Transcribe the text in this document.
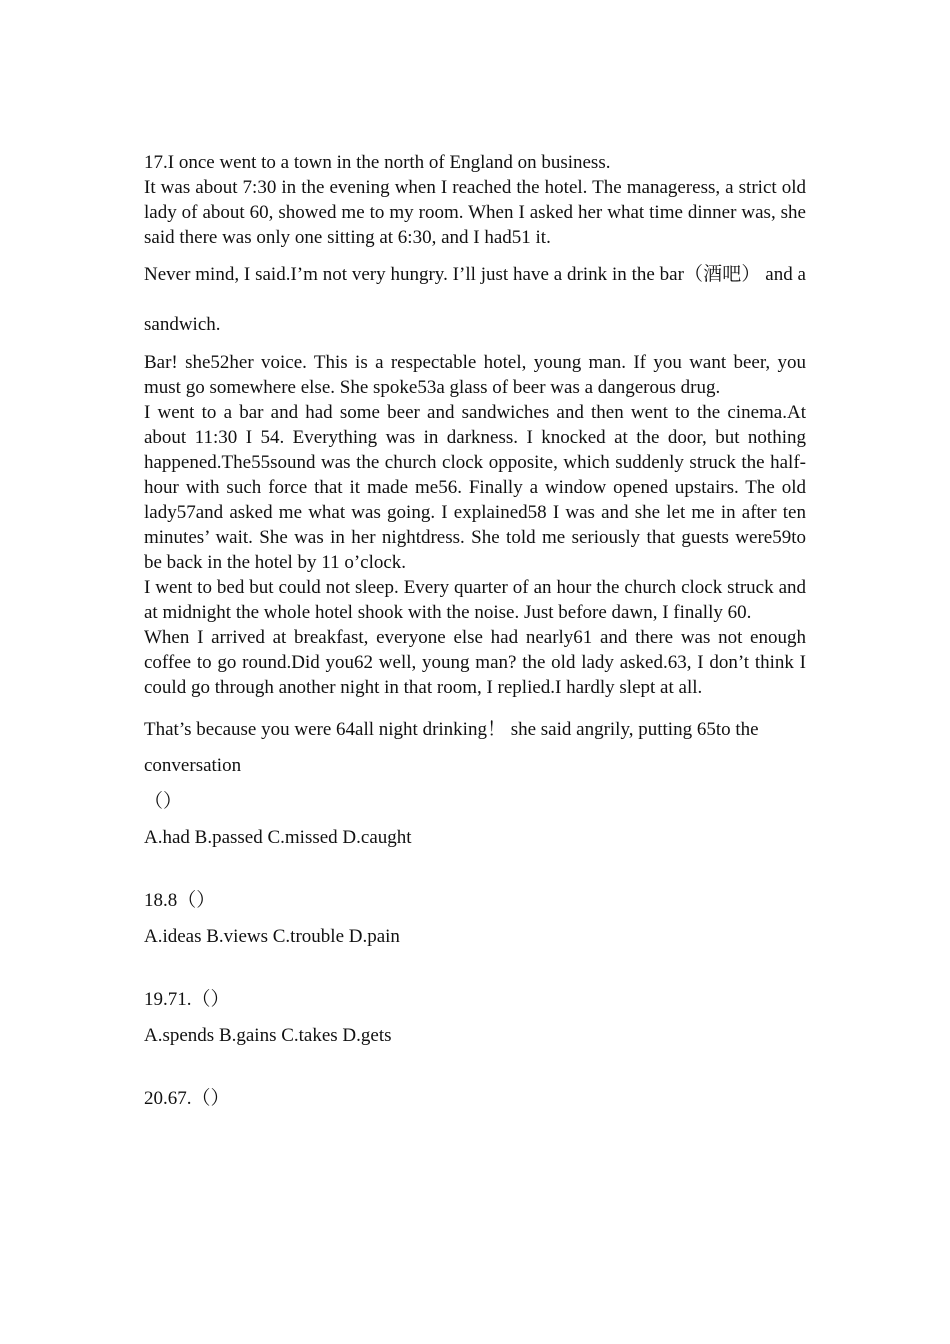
17.I once went to a town in the north of England on business.

It was about 7:30 in the evening when I reached the hotel. The manageress, a strict old lady of about 60, showed me to my room. When I asked her what time dinner was, she said there was only one sitting at 6:30, and I had51 it.

Never mind, I said.I’m not very hungry. I’ll just have a drink in the bar（酒吧） and a sandwich.

Bar! she52her voice. This is a respectable hotel, young man. If you want beer, you must go somewhere else. She spoke53a glass of beer was a dangerous drug.

I went to a bar and had some beer and sandwiches and then went to the cinema.At about 11:30 I 54. Everything was in darkness. I knocked at the door, but nothing happened.The55sound was the church clock opposite, which suddenly struck the half-hour with such force that it made me56. Finally a window opened upstairs. The old lady57and asked me what was going. I explained58 I was and she let me in after ten minutes’ wait. She was in her nightdress. She told me seriously that guests were59to be back in the hotel by 11 o’clock.

I went to bed but could not sleep. Every quarter of an hour the church clock struck and at midnight the whole hotel shook with the noise. Just before dawn, I finally 60.

When I arrived at breakfast, everyone else had nearly61 and there was not enough coffee to go round.Did you62 well, young man? the old lady asked.63, I don’t think I could go through another night in that room, I replied.I hardly slept at all.

That’s because you were 64all night drinking！ she said angrily, putting 65to the conversation

（）

A.had B.passed C.missed D.caught

18.8（）

A.ideas B.views C.trouble D.pain

19.71.（）

A.spends B.gains C.takes D.gets

20.67.（）
